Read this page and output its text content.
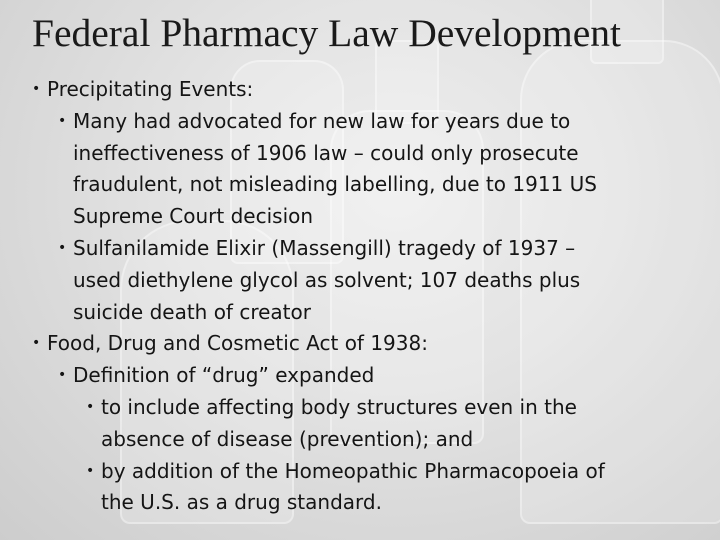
Federal Pharmacy Law Development
• Precipitating Events:
• Many had advocated for new law for years due to
ineffectiveness of 1906 law – could only prosecute
fraudulent, not misleading labelling, due to 1911 US
Supreme Court decision
• Sulfanilamide Elixir (Massengill) tragedy of 1937 –
used diethylene glycol as solvent; 107 deaths plus
suicide death of creator
• Food, Drug and Cosmetic Act of 1938:
• Definition of “drug” expanded
• to include affecting body structures even in the
absence of disease (prevention); and
• by addition of the Homeopathic Pharmacopoeia of
the U.S. as a drug standard.
